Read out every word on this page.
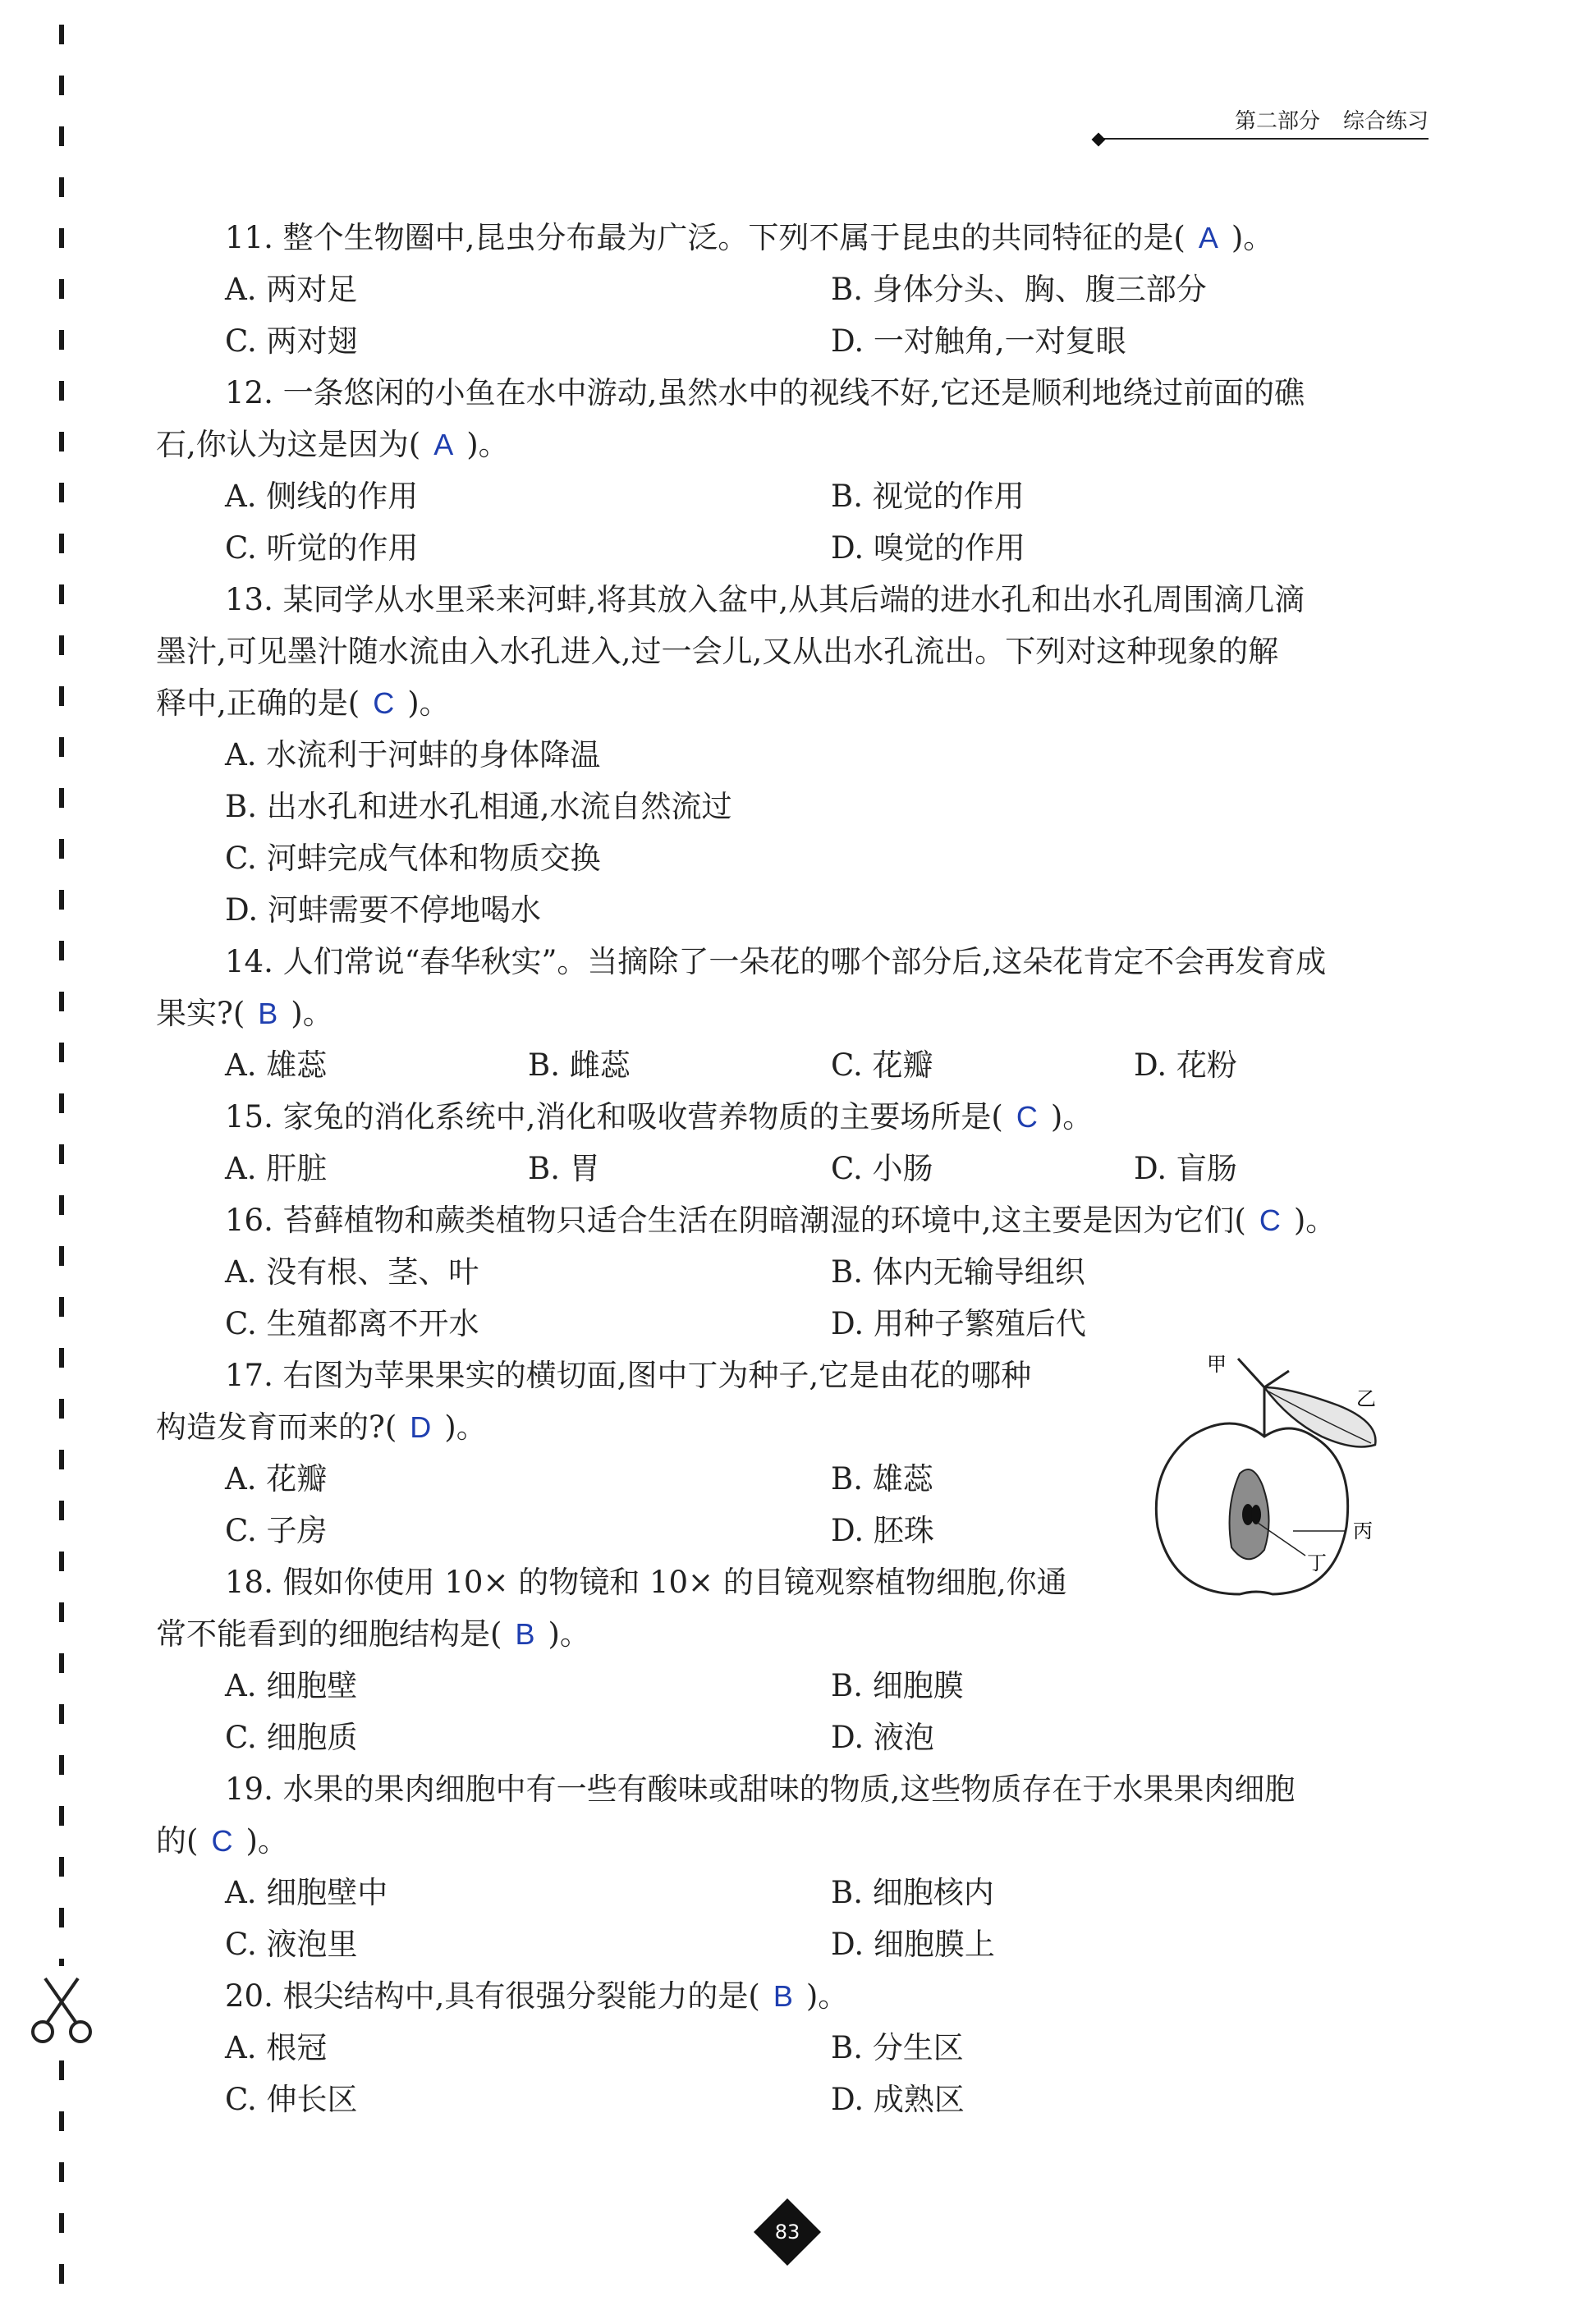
第二部分 综合练习
11. 整个生物圈中,昆虫分布最为广泛。下列不属于昆虫的共同特征的是( A )。
A. 两对足	B. 身体分头、胸、腹三部分
C. 两对翅	D. 一对触角,一对复眼
12. 一条悠闲的小鱼在水中游动,虽然水中的视线不好,它还是顺利地绕过前面的礁
石,你认为这是因为( A )。
A. 侧线的作用	B. 视觉的作用
C. 听觉的作用	D. 嗅觉的作用
13. 某同学从水里采来河蚌,将其放入盆中,从其后端的进水孔和出水孔周围滴几滴
墨汁,可见墨汁随水流由入水孔进入,过一会儿,又从出水孔流出。下列对这种现象的解
释中,正确的是( C )。
A. 水流利于河蚌的身体降温
B. 出水孔和进水孔相通,水流自然流过
C. 河蚌完成气体和物质交换
D. 河蚌需要不停地喝水
14. 人们常说“春华秋实”。当摘除了一朵花的哪个部分后,这朵花肯定不会再发育成
果实?( B )。
A. 雄蕊	B. 雌蕊	C. 花瓣	D. 花粉
15. 家兔的消化系统中,消化和吸收营养物质的主要场所是( C )。
A. 肝脏	B. 胃	C. 小肠	D. 盲肠
16. 苔藓植物和蕨类植物只适合生活在阴暗潮湿的环境中,这主要是因为它们( C )。
A. 没有根、茎、叶	B. 体内无输导组织
C. 生殖都离不开水	D. 用种子繁殖后代
17. 右图为苹果果实的横切面,图中丁为种子,它是由花的哪种
构造发育而来的?( D )。
A. 花瓣	B. 雄蕊
C. 子房	D. 胚珠
18. 假如你使用 10× 的物镜和 10× 的目镜观察植物细胞,你通
常不能看到的细胞结构是( B )。
A. 细胞壁	B. 细胞膜
C. 细胞质	D. 液泡
19. 水果的果肉细胞中有一些有酸味或甜味的物质,这些物质存在于水果果肉细胞
的( C )。
A. 细胞壁中	B. 细胞核内
C. 液泡里	D. 细胞膜上
20. 根尖结构中,具有很强分裂能力的是( B )。
A. 根冠	B. 分生区
C. 伸长区	D. 成熟区
甲
乙
丙
丁
83
